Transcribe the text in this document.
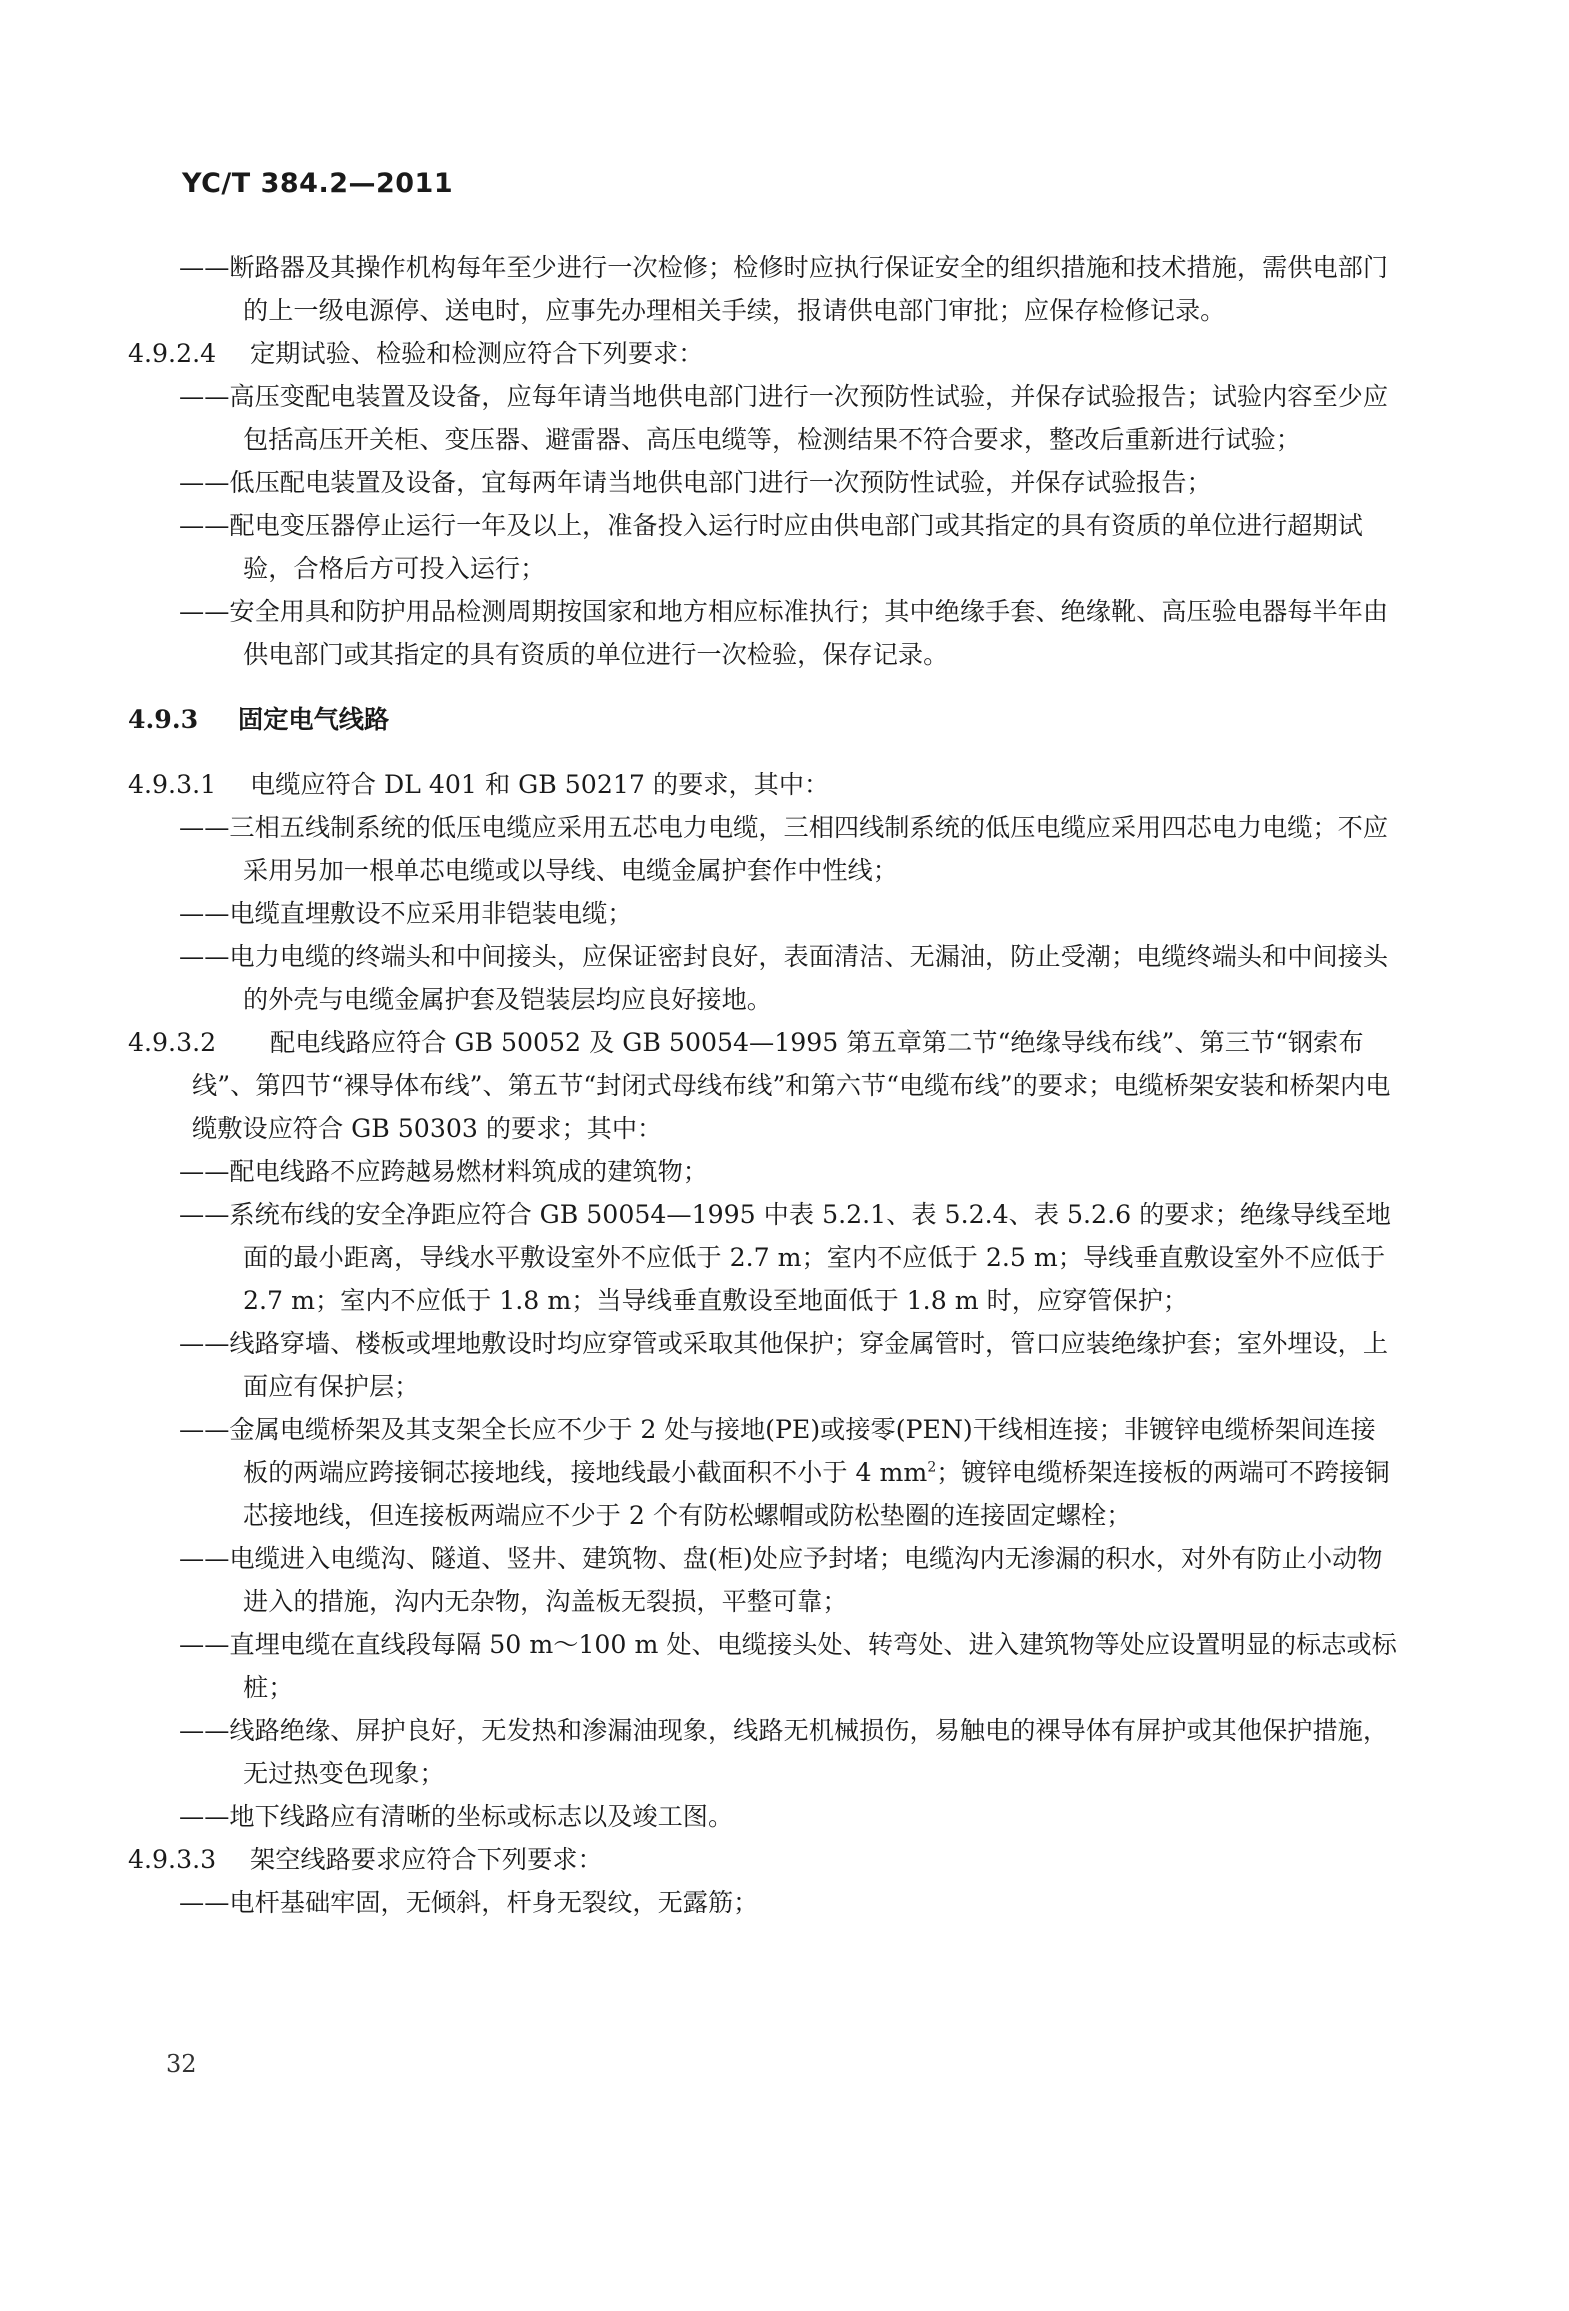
YC/T 384.2—2011

——断路器及其操作机构每年至少进行一次检修；检修时应执行保证安全的组织措施和技术措施，需供电部门的上一级电源停、送电时，应事先办理相关手续，报请供电部门审批；应保存检修记录。

4.9.2.4 定期试验、检验和检测应符合下列要求：

——高压变配电装置及设备，应每年请当地供电部门进行一次预防性试验，并保存试验报告；试验内容至少应包括高压开关柜、变压器、避雷器、高压电缆等，检测结果不符合要求，整改后重新进行试验；

——低压配电装置及设备，宜每两年请当地供电部门进行一次预防性试验，并保存试验报告；

——配电变压器停止运行一年及以上，准备投入运行时应由供电部门或其指定的具有资质的单位进行超期试验，合格后方可投入运行；

——安全用具和防护用品检测周期按国家和地方相应标准执行；其中绝缘手套、绝缘靴、高压验电器每半年由供电部门或其指定的具有资质的单位进行一次检验，保存记录。

4.9.3 固定电气线路

4.9.3.1 电缆应符合 DL 401 和 GB 50217 的要求，其中：

——三相五线制系统的低压电缆应采用五芯电力电缆，三相四线制系统的低压电缆应采用四芯电力电缆；不应采用另加一根单芯电缆或以导线、电缆金属护套作中性线；

——电缆直埋敷设不应采用非铠装电缆；

——电力电缆的终端头和中间接头，应保证密封良好，表面清洁、无漏油，防止受潮；电缆终端头和中间接头的外壳与电缆金属护套及铠装层均应良好接地。

4.9.3.2 配电线路应符合 GB 50052 及 GB 50054—1995 第五章第二节“绝缘导线布线”、第三节“钢索布线”、第四节“裸导体布线”、第五节“封闭式母线布线”和第六节“电缆布线”的要求；电缆桥架安装和桥架内电缆敷设应符合 GB 50303 的要求；其中：

——配电线路不应跨越易燃材料筑成的建筑物；

——系统布线的安全净距应符合 GB 50054—1995 中表 5.2.1、表 5.2.4、表 5.2.6 的要求；绝缘导线至地面的最小距离，导线水平敷设室外不应低于 2.7 m；室内不应低于 2.5 m；导线垂直敷设室外不应低于 2.7 m；室内不应低于 1.8 m；当导线垂直敷设至地面低于 1.8 m 时，应穿管保护；

——线路穿墙、楼板或埋地敷设时均应穿管或采取其他保护；穿金属管时，管口应装绝缘护套；室外埋设，上面应有保护层；

——金属电缆桥架及其支架全长应不少于 2 处与接地(PE)或接零(PEN)干线相连接；非镀锌电缆桥架间连接板的两端应跨接铜芯接地线，接地线最小截面积不小于 4 $mm^2$；镀锌电缆桥架连接板的两端可不跨接铜芯接地线，但连接板两端应不少于 2 个有防松螺帽或防松垫圈的连接固定螺栓；

——电缆进入电缆沟、隧道、竖井、建筑物、盘(柜)处应予封堵；电缆沟内无渗漏的积水，对外有防止小动物进入的措施，沟内无杂物，沟盖板无裂损，平整可靠；

——直埋电缆在直线段每隔 50 m～100 m 处、电缆接头处、转弯处、进入建筑物等处应设置明显的标志或标桩；

——线路绝缘、屏护良好，无发热和渗漏油现象，线路无机械损伤，易触电的裸导体有屏护或其他保护措施，无过热变色现象；

——地下线路应有清晰的坐标或标志以及竣工图。

4.9.3.3 架空线路要求应符合下列要求：

——电杆基础牢固，无倾斜，杆身无裂纹，无露筋；

32
